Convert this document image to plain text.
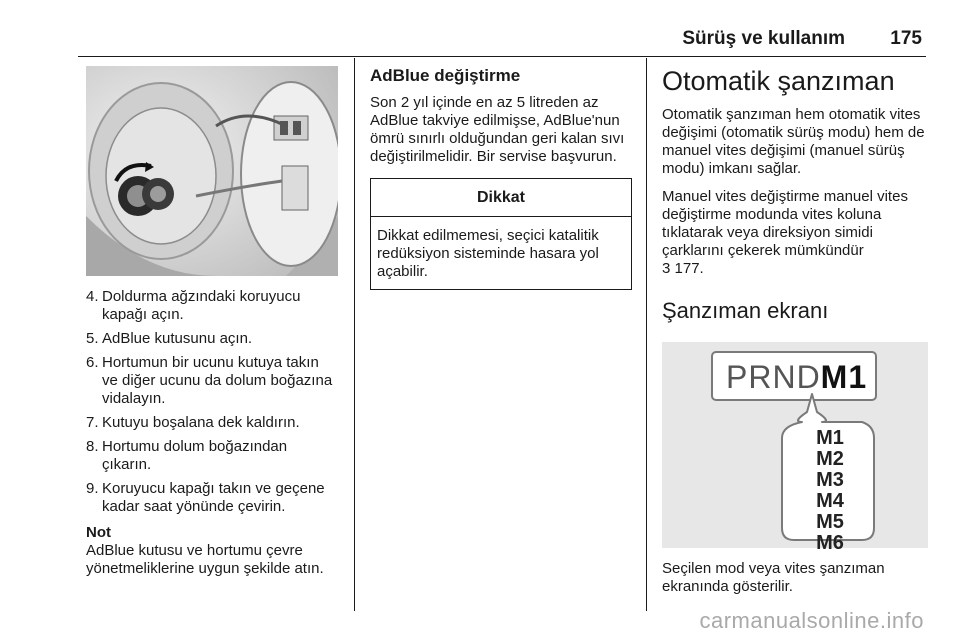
Sürüş ve kullanım 175
4. Doldurma ağzındaki koruyucu kapağı açın.
5. AdBlue kutusunu açın.
6. Hortumun bir ucunu kutuya takın ve diğer ucunu da dolum boğazına vidalayın.
7. Kutuyu boşalana dek kaldırın.
8. Hortumu dolum boğazından çıkarın.
9. Koruyucu kapağı takın ve geçene kadar saat yönünde çevirin.
Not
AdBlue kutusu ve hortumu çevre yönetmeliklerine uygun şekilde atın.
AdBlue değiştirme
Son 2 yıl içinde en az 5 litreden az AdBlue takviye edilmişse, AdBlue'nun ömrü sınırlı olduğundan geri kalan sıvı değiştirilmelidir. Bir servise başvurun.
Dikkat
Dikkat edilmemesi, seçici katalitik redüksiyon sisteminde hasara yol açabilir.
Otomatik şanzıman
Otomatik şanzıman hem otomatik vites değişimi (otomatik sürüş modu) hem de manuel vites değişimi (manuel sürüş modu) imkanı sağlar.
Manuel vites değiştirme manuel vites değiştirme modunda vites koluna tıklatarak veya direksiyon simidi çarklarını çekerek mümkündür
3 177.
Şanzıman ekranı
PRNDM1
M1
M2
M3
M4
M5
M6
Seçilen mod veya vites şanzıman ekranında gösterilir.
carmanualsonline.info
